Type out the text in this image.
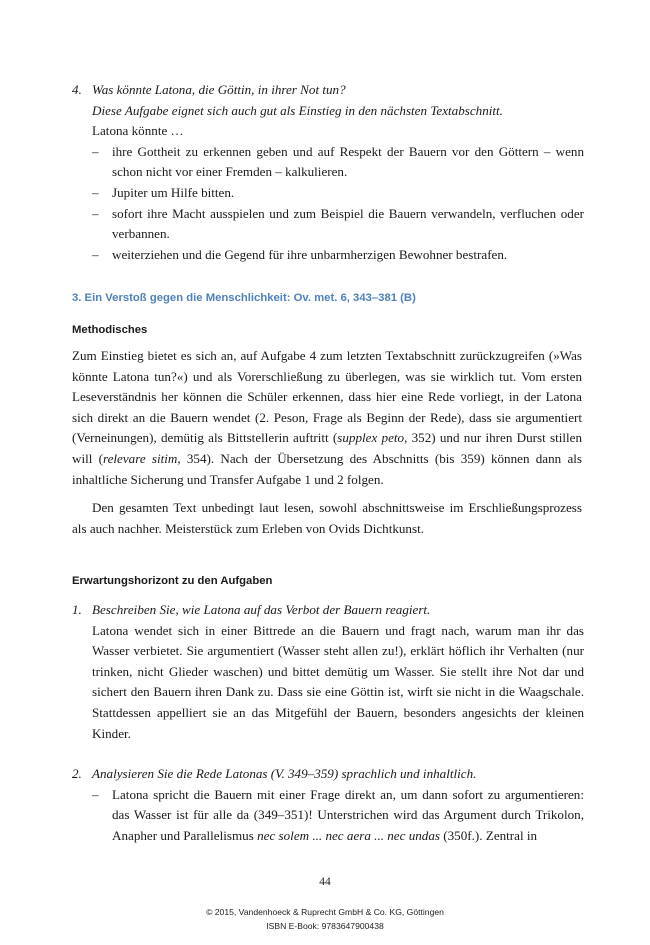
4. Was könnte Latona, die Göttin, in ihrer Not tun?

Diese Aufgabe eignet sich auch gut als Einstieg in den nächsten Textabschnitt.

Latona könnte …

– ihre Gottheit zu erkennen geben und auf Respekt der Bauern vor den Göttern – wenn schon nicht vor einer Fremden – kalkulieren.
– Jupiter um Hilfe bitten.
– sofort ihre Macht ausspielen und zum Beispiel die Bauern verwandeln, verfluchen oder verbannen.
– weiterziehen und die Gegend für ihre unbarmherzigen Bewohner bestrafen.
3. Ein Verstoß gegen die Menschlichkeit: Ov. met. 6, 343–381 (B)
Methodisches

Zum Einstieg bietet es sich an, auf Aufgabe 4 zum letzten Textabschnitt zurückzugreifen (»Was könnte Latona tun?«) und als Vorerschließung zu überlegen, was sie wirklich tut. Vom ersten Leseverständnis her können die Schüler erkennen, dass hier eine Rede vorliegt, in der Latona sich direkt an die Bauern wendet (2. Peson, Frage als Beginn der Rede), dass sie argumentiert (Verneinungen), demütig als Bittstellerin auftritt (supplex peto, 352) und nur ihren Durst stillen will (relevare sitim, 354). Nach der Übersetzung des Abschnitts (bis 359) können dann als inhaltliche Sicherung und Transfer Aufgabe 1 und 2 folgen.

Den gesamten Text unbedingt laut lesen, sowohl abschnittsweise im Erschließungsprozess als auch nachher. Meisterstück zum Erleben von Ovids Dichtkunst.

Erwartungshorizont zu den Aufgaben
1. Beschreiben Sie, wie Latona auf das Verbot der Bauern reagiert.

Latona wendet sich in einer Bittrede an die Bauern und fragt nach, warum man ihr das Wasser verbietet. Sie argumentiert (Wasser steht allen zu!), erklärt höflich ihr Verhalten (nur trinken, nicht Glieder waschen) und bittet demütig um Wasser. Sie stellt ihre Not dar und sichert den Bauern ihren Dank zu. Dass sie eine Göttin ist, wirft sie nicht in die Waagschale. Stattdessen appelliert sie an das Mitgefühl der Bauern, besonders angesichts der kleinen Kinder.

2. Analysieren Sie die Rede Latonas (V. 349–359) sprachlich und inhaltlich.
– Latona spricht die Bauern mit einer Frage direkt an, um dann sofort zu argumentieren: das Wasser ist für alle da (349–351)! Unterstrichen wird das Argument durch Trikolon, Anapher und Parallelismus nec solem ... nec aera ... nec undas (350f.). Zentral in
44
© 2015, Vandenhoeck & Ruprecht GmbH & Co. KG, Göttingen
ISBN E-Book: 9783647900438
